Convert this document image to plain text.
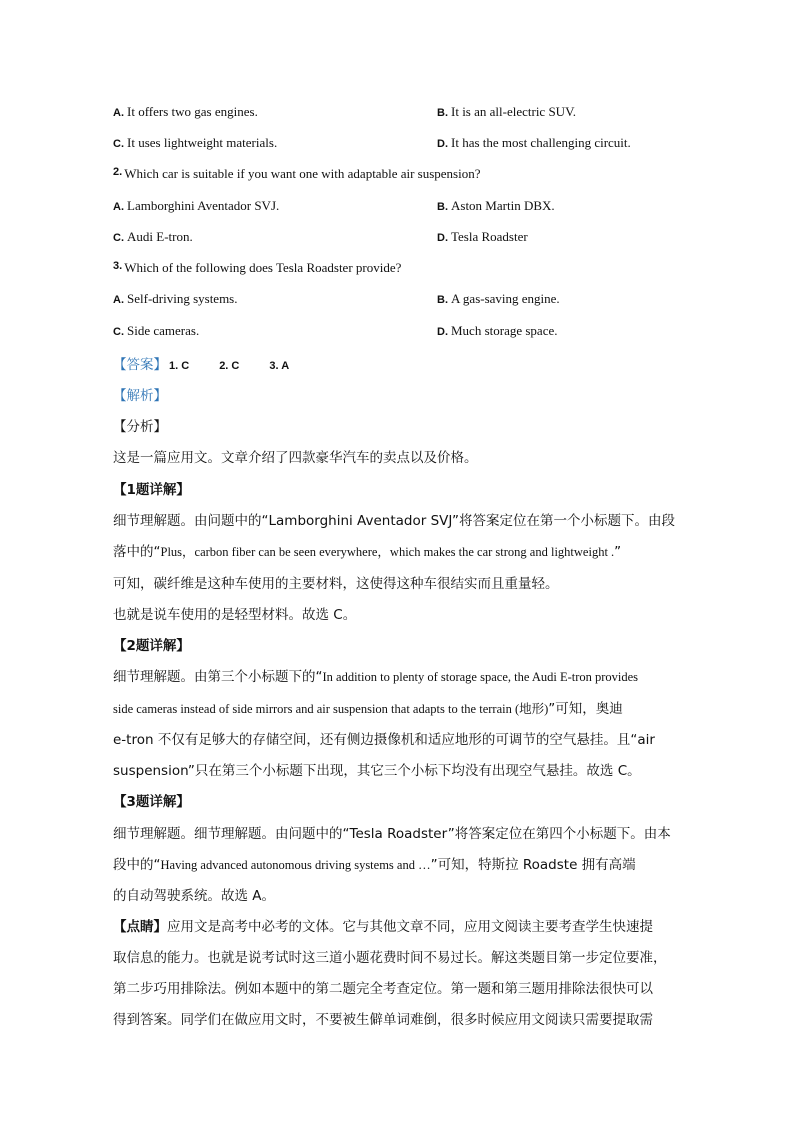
A. It offers two gas engines.	B. It is an all-electric SUV.
C. It uses lightweight materials.	D. It has the most challenging circuit.
$^{2.}$ Which car is suitable if you want one with adaptable air suspension?
A. Lamborghini Aventador SVJ.	B. Aston Martin DBX.
C. Audi E-tron.	D. Tesla Roadster
$^{3.}$ Which of the following does Tesla Roadster provide?
A. Self-driving systems.	B. A gas-saving engine.
C. Side cameras.	D. Much storage space.
【答案】 1. C	2. C	3. A
【解析】
【分析】
这是一篇应用文。文章介绍了四款豪华汽车的卖点以及价格。
【1题详解】
细节理解题。由问题中的“Lamborghini Aventador SVJ”将答案定位在第一个小标题下。由段
落中的“Plus，carbon fiber can be seen everywhere，which makes the car strong and lightweight .”
可知，碳纤维是这种车使用的主要材料，这使得这种车很结实而且重量轻。
也就是说车使用的是轻型材料。故选 C。
【2题详解】
细节理解题。由第三个小标题下的“In addition to plenty of storage space, the Audi E-tron provides
side cameras instead of side mirrors and air suspension that adapts to the terrain (地形)”可知，奥迪
e-tron 不仅有足够大的存储空间，还有侧边摄像机和适应地形的可调节的空气悬挂。且“air
suspension”只在第三个小标题下出现，其它三个小标下均没有出现空气悬挂。故选 C。
【3题详解】
细节理解题。细节理解题。由问题中的“Tesla Roadster”将答案定位在第四个小标题下。由本
段中的“Having advanced autonomous driving systems and …”可知，特斯拉 Roadste 拥有高端
的自动驾驶系统。故选 A。
【点睛】应用文是高考中必考的文体。它与其他文章不同，应用文阅读主要考查学生快速提
取信息的能力。也就是说考试时这三道小题花费时间不易过长。解这类题目第一步定位要准，
第二步巧用排除法。例如本题中的第二题完全考查定位。第一题和第三题用排除法很快可以
得到答案。同学们在做应用文时，不要被生僻单词难倒，很多时候应用文阅读只需要提取需
